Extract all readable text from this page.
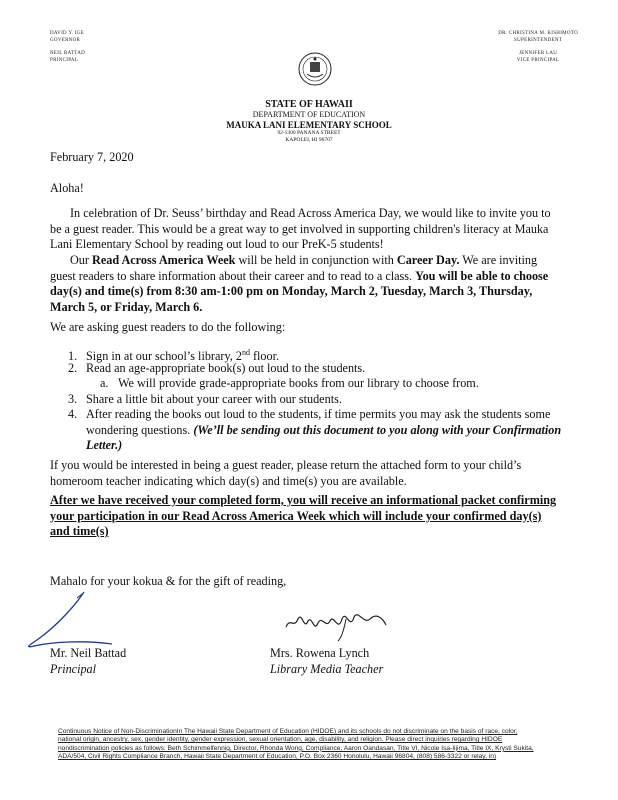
DAVID Y. IGE
GOVERNOR
NEIL BATTAD
PRINCIPAL
DR. CHRISTINA M. KISHIMOTO
SUPERINTENDENT
JENNIFER LAU
VICE PRINCIPAL
STATE OF HAWAII
DEPARTMENT OF EDUCATION
MAUKA LANI ELEMENTARY SCHOOL
92-1300 PANANA STREET
KAPOLEI, HI 96707
February 7, 2020
Aloha!
In celebration of Dr. Seuss’ birthday and Read Across America Day, we would like to invite you to
be a guest reader. This would be a great way to get involved in supporting children's literacy at Mauka
Lani Elementary School by reading out loud to our PreK-5 students!
Our Read Across America Week will be held in conjunction with Career Day. We are inviting
guest readers to share information about their career and to read to a class. You will be able to choose
day(s) and time(s) from 8:30 am-1:00 pm on Monday, March 2, Tuesday, March 3, Thursday,
March 5, or Friday, March 6.
We are asking guest readers to do the following:
1. Sign in at our school’s library, 2nd floor.
2. Read an age-appropriate book(s) out loud to the students.
a. We will provide grade-appropriate books from our library to choose from.
3. Share a little bit about your career with our students.
4. After reading the books out loud to the students, if time permits you may ask the students some
wondering questions. (We’ll be sending out this document to you along with your Confirmation
Letter.)
If you would be interested in being a guest reader, please return the attached form to your child’s
homeroom teacher indicating which day(s) and time(s) you are available.
After we have received your completed form, you will receive an informational packet confirming
your participation in our Read Across America Week which will include your confirmed day(s)
and time(s)
Mahalo for your kokua & for the gift of reading,
Mr. Neil Battad
Principal
Mrs. Rowena Lynch
Library Media Teacher
Continuous Notice of Non-DiscriminationIn The Hawaii State Department of Education (HIDOE) and its schools do not discriminate on the basis of race, color,
national origin, ancestry, sex, gender identity, gender expression, sexual orientation, age, disability, and religion. Please direct inquiries regarding HIDOE
nondiscrimination policies as follows: Beth Schimmelfennig, Director, Rhonda Wong, Compliance, Aaron Oandasan, Title VI, Nicole Isa-Iijima, Title IX, Krysti Sukita,
ADA/504, Civil Rights Compliance Branch, Hawaii State Department of Education, P.O. Box 2360 Honolulu, Hawaii 96804, (808) 586-3322 or relay, in)
